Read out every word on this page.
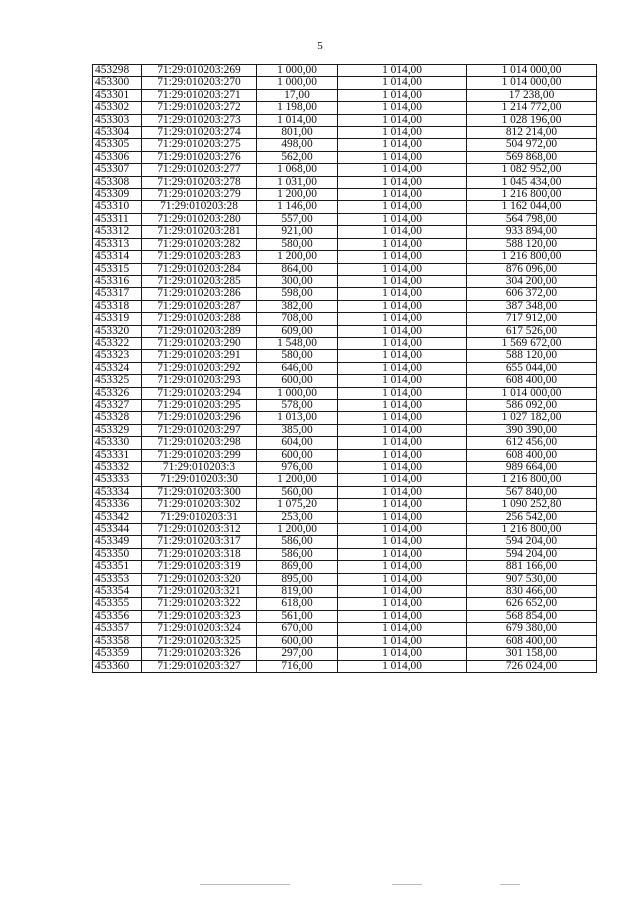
5
453298	71:29:010203:269	1 000,00	1 014,00	1 014 000,00
453300	71:29:010203:270	1 000,00	1 014,00	1 014 000,00
453301	71:29:010203:271	17,00	1 014,00	17 238,00
453302	71:29:010203:272	1 198,00	1 014,00	1 214 772,00
453303	71:29:010203:273	1 014,00	1 014,00	1 028 196,00
453304	71:29:010203:274	801,00	1 014,00	812 214,00
453305	71:29:010203:275	498,00	1 014,00	504 972,00
453306	71:29:010203:276	562,00	1 014,00	569 868,00
453307	71:29:010203:277	1 068,00	1 014,00	1 082 952,00
453308	71:29:010203:278	1 031,00	1 014,00	1 045 434,00
453309	71:29:010203:279	1 200,00	1 014,00	1 216 800,00
453310	71:29:010203:28	1 146,00	1 014,00	1 162 044,00
453311	71:29:010203:280	557,00	1 014,00	564 798,00
453312	71:29:010203:281	921,00	1 014,00	933 894,00
453313	71:29:010203:282	580,00	1 014,00	588 120,00
453314	71:29:010203:283	1 200,00	1 014,00	1 216 800,00
453315	71:29:010203:284	864,00	1 014,00	876 096,00
453316	71:29:010203:285	300,00	1 014,00	304 200,00
453317	71:29:010203:286	598,00	1 014,00	606 372,00
453318	71:29:010203:287	382,00	1 014,00	387 348,00
453319	71:29:010203:288	708,00	1 014,00	717 912,00
453320	71:29:010203:289	609,00	1 014,00	617 526,00
453322	71:29:010203:290	1 548,00	1 014,00	1 569 672,00
453323	71:29:010203:291	580,00	1 014,00	588 120,00
453324	71:29:010203:292	646,00	1 014,00	655 044,00
453325	71:29:010203:293	600,00	1 014,00	608 400,00
453326	71:29:010203:294	1 000,00	1 014,00	1 014 000,00
453327	71:29:010203:295	578,00	1 014,00	586 092,00
453328	71:29:010203:296	1 013,00	1 014,00	1 027 182,00
453329	71:29:010203:297	385,00	1 014,00	390 390,00
453330	71:29:010203:298	604,00	1 014,00	612 456,00
453331	71:29:010203:299	600,00	1 014,00	608 400,00
453332	71:29:010203:3	976,00	1 014,00	989 664,00
453333	71:29:010203:30	1 200,00	1 014,00	1 216 800,00
453334	71:29:010203:300	560,00	1 014,00	567 840,00
453336	71:29:010203:302	1 075,20	1 014,00	1 090 252,80
453342	71:29:010203:31	253,00	1 014,00	256 542,00
453344	71:29:010203:312	1 200,00	1 014,00	1 216 800,00
453349	71:29:010203:317	586,00	1 014,00	594 204,00
453350	71:29:010203:318	586,00	1 014,00	594 204,00
453351	71:29:010203:319	869,00	1 014,00	881 166,00
453353	71:29:010203:320	895,00	1 014,00	907 530,00
453354	71:29:010203:321	819,00	1 014,00	830 466,00
453355	71:29:010203:322	618,00	1 014,00	626 652,00
453356	71:29:010203:323	561,00	1 014,00	568 854,00
453357	71:29:010203:324	670,00	1 014,00	679 380,00
453358	71:29:010203:325	600,00	1 014,00	608 400,00
453359	71:29:010203:326	297,00	1 014,00	301 158,00
453360	71:29:010203:327	716,00	1 014,00	726 024,00
